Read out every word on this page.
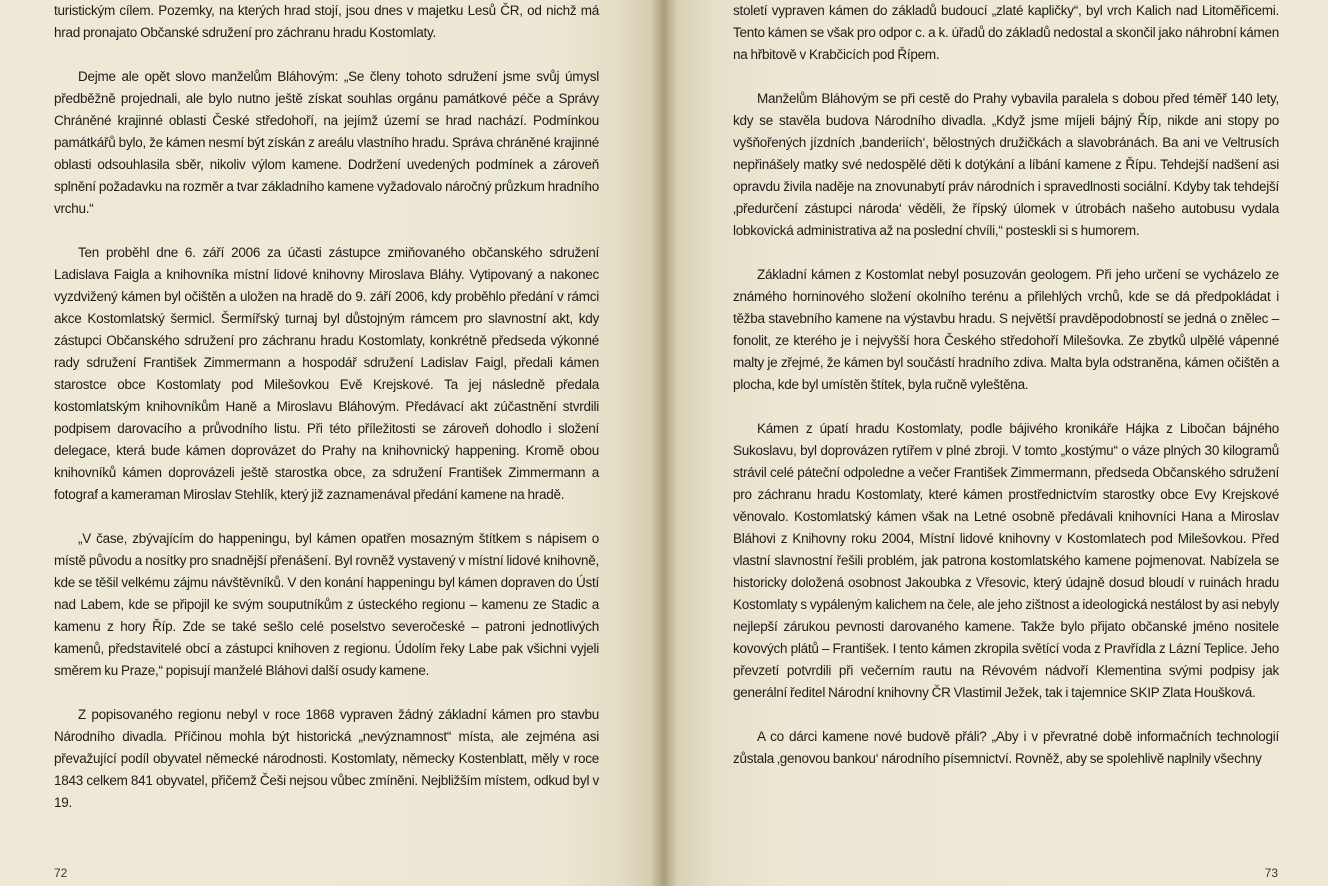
turistickým cílem. Pozemky, na kterých hrad stojí, jsou dnes v majetku Lesů ČR, od nichž má hrad pronajato Občanské sdružení pro záchranu hradu Kostomlaty.

Dejme ale opět slovo manželům Bláhovým: „Se členy tohoto sdružení jsme svůj úmysl předběžně projednali, ale bylo nutno ještě získat souhlas orgánu památkové péče a Správy Chráněné krajinné oblasti České středohoří, na jejímž území se hrad nachází. Podmínkou památkářů bylo, že kámen nesmí být získán z areálu vlastního hradu. Správa chráněné krajinné oblasti odsouhlasila sběr, nikoliv výlom kamene. Dodržení uvedených podmínek a zároveň splnění požadavku na rozměr a tvar základního kamene vyžadovalo náročný průzkum hradního vrchu.“

Ten proběhl dne 6. září 2006 za účasti zástupce zmiňovaného občanského sdružení Ladislava Faigla a knihovníka místní lidové knihovny Miroslava Bláhy. Vytipovaný a nakonec vyzdvižený kámen byl očištěn a uložen na hradě do 9. září 2006, kdy proběhlo předání v rámci akce Kostomlatský šermicl. Šermířský turnaj byl důstojným rámcem pro slavnostní akt, kdy zástupci Občanského sdružení pro záchranu hradu Kostomlaty, konkrétně předseda výkonné rady sdružení František Zimmermann a hospodář sdružení Ladislav Faigl, předali kámen starostce obce Kostomlaty pod Milešovkou Evě Krejskové. Ta jej následně předala kostomlatským knihovníkům Haně a Miroslavu Bláhovým. Předávací akt zúčastnění stvrdili podpisem darovacího a průvodního listu. Při této příležitosti se zároveň dohodlo i složení delegace, která bude kámen doprovázet do Prahy na knihovnický happening. Kromě obou knihovníků kámen doprovázeli ještě starostka obce, za sdružení František Zimmermann a fotograf a kameraman Miroslav Stehlík, který již zaznamenával předání kamene na hradě.

„V čase, zbývajícím do happeningu, byl kámen opatřen mosazným štítkem s nápisem o místě původu a nosítky pro snadnější přenášení. Byl rovněž vystavený v místní lidové knihovně, kde se těšil velkému zájmu návštěvníků. V den konání happeningu byl kámen dopraven do Ústí nad Labem, kde se připojil ke svým souputníkům z ústeckého regionu – kamenu ze Stadic a kamenu z hory Říp. Zde se také sešlo celé poselstvo severočeské – patroni jednotlivých kamenů, představitelé obcí a zástupci knihoven z regionu. Údolím řeky Labe pak všichni vyjeli směrem ku Praze,“ popisují manželé Bláhovi další osudy kamene.

Z popisovaného regionu nebyl v roce 1868 vypraven žádný základní kámen pro stavbu Národního divadla. Příčinou mohla být historická „nevýznamnost“ místa, ale zejména asi převažující podíl obyvatel německé národnosti. Kostomlaty, německy Kostenblatt, měly v roce 1843 celkem 841 obyvatel, přičemž Češi nejsou vůbec zmíněni. Nejbližším místem, odkud byl v 19.

72

století vypraven kámen do základů budoucí „zlaté kapličky“, byl vrch Kalich nad Litoměřicemi. Tento kámen se však pro odpor c. a k. úřadů do základů nedostal a skončil jako náhrobní kámen na hřbitově v Krabčicích pod Řípem.

Manželům Bláhovým se při cestě do Prahy vybavila paralela s dobou před téměř 140 lety, kdy se stavěla budova Národního divadla. „Když jsme míjeli bájný Říp, nikde ani stopy po vyšňořených jízdních ‚banderiích‘, bělostných družičkách a slavobránách. Ba ani ve Veltrusích nepřinášely matky své nedospělé děti k dotýkání a líbání kamene z Řípu. Tehdejší nadšení asi opravdu živila naděje na znovunabytí práv národních i spravedlnosti sociální. Kdyby tak tehdejší ‚předurčení zástupci národa‘ věděli, že řípský úlomek v útrobách našeho autobusu vydala lobkovická administrativa až na poslední chvíli,“ posteskli si s humorem.

Základní kámen z Kostomlat nebyl posuzován geologem. Při jeho určení se vycházelo ze známého horninového složení okolního terénu a přilehlých vrchů, kde se dá předpokládat i těžba stavebního kamene na výstavbu hradu. S největší pravděpodobností se jedná o znělec – fonolit, ze kterého je i nejvyšší hora Českého středohoří Milešovka. Ze zbytků ulpělé vápenné malty je zřejmé, že kámen byl součástí hradního zdiva. Malta byla odstraněna, kámen očištěn a plocha, kde byl umístěn štítek, byla ručně vyleštěna.

Kámen z úpatí hradu Kostomlaty, podle bájivého kronikáře Hájka z Libočan bájného Sukoslavu, byl doprovázen rytířem v plné zbroji. V tomto „kostýmu“ o váze plných 30 kilogramů strávil celé páteční odpoledne a večer František Zimmermann, předseda Občanského sdružení pro záchranu hradu Kostomlaty, které kámen prostřednictvím starostky obce Evy Krejskové věnovalo. Kostomlatský kámen však na Letné osobně předávali knihovníci Hana a Miroslav Bláhovi z Knihovny roku 2004, Místní lidové knihovny v Kostomlatech pod Milešovkou. Před vlastní slavnostní řešili problém, jak patrona kostomlatského kamene pojmenovat. Nabízela se historicky doložená osobnost Jakoubka z Vřesovic, který údajně dosud bloudí v ruinách hradu Kostomlaty s vypáleným kalichem na čele, ale jeho zištnost a ideologická nestálost by asi nebyly nejlepší zárukou pevnosti darovaného kamene. Takže bylo přijato občanské jméno nositele kovových plátů – František. I tento kámen zkropila světící voda z Pravřídla z Lázní Teplice. Jeho převzetí potvrdili při večerním rautu na Révovém nádvoří Klementina svými podpisy jak generální ředitel Národní knihovny ČR Vlastimil Ježek, tak i tajemnice SKIP Zlata Houšková.

A co dárci kamene nové budově přáli? „Aby i v převratné době informačních technologií zůstala ‚genovou bankou‘ národního písemnictví. Rovněž, aby se spolehlivě naplnily všechny

73
